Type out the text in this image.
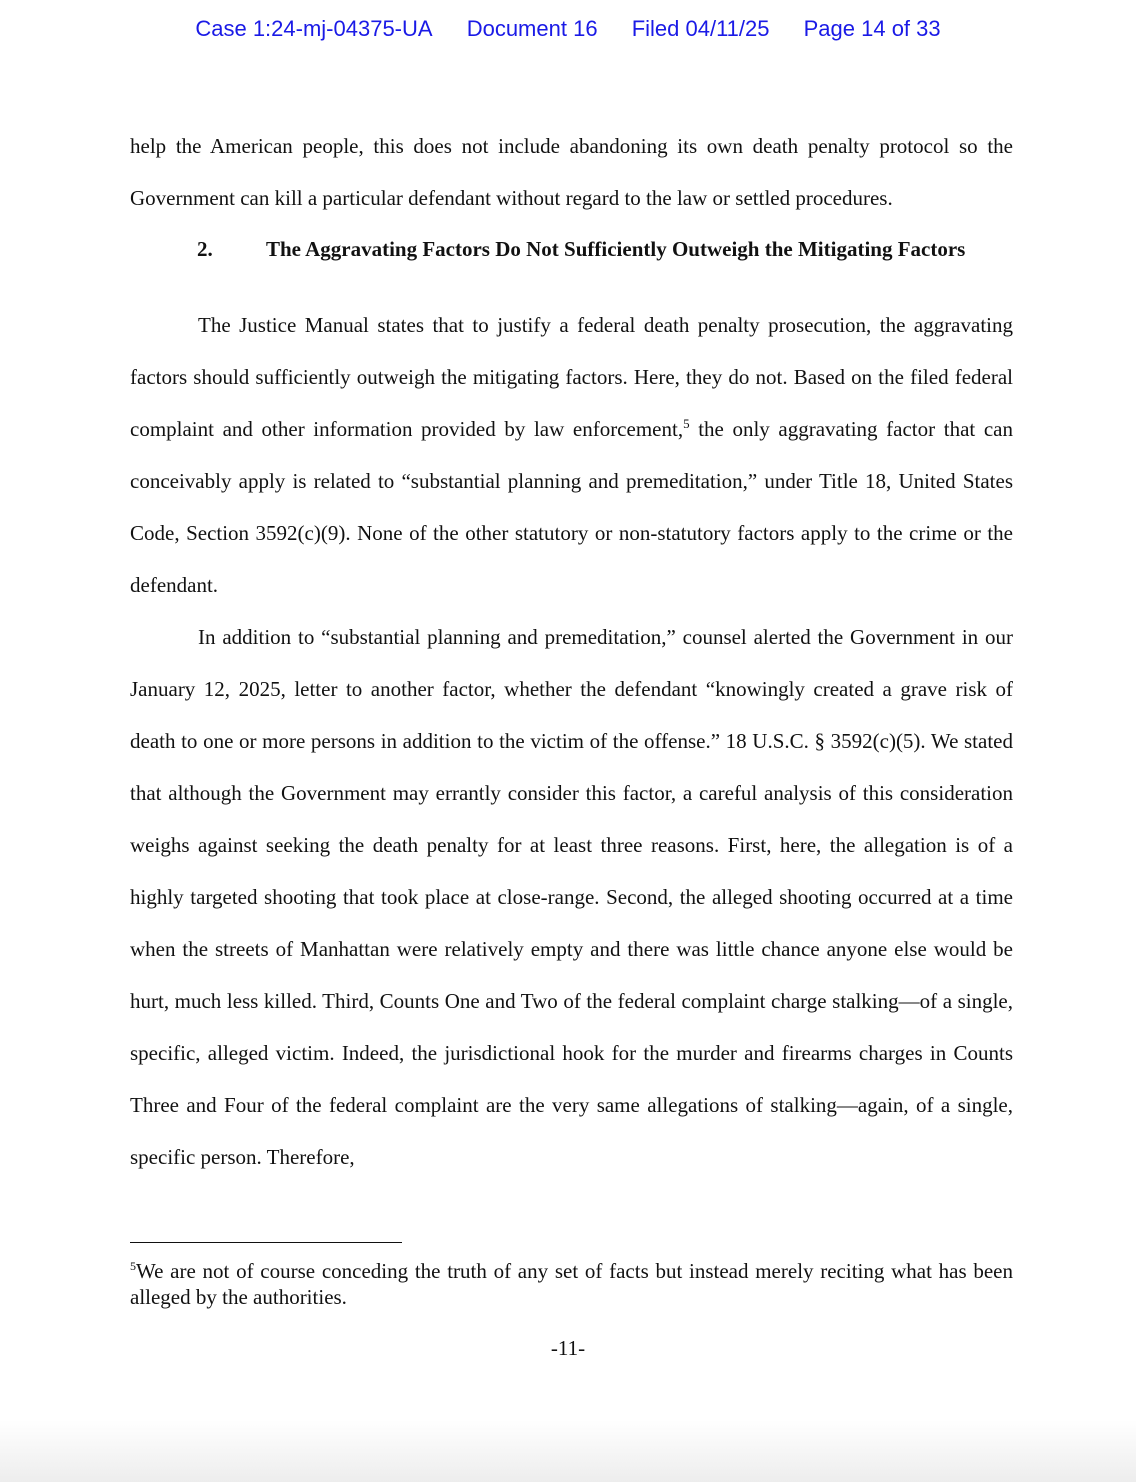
Case 1:24-mj-04375-UA Document 16 Filed 04/11/25 Page 14 of 33

help the American people, this does not include abandoning its own death penalty protocol so the Government can kill a particular defendant without regard to the law or settled procedures.

2.	The Aggravating Factors Do Not Sufficiently Outweigh the Mitigating Factors

The Justice Manual states that to justify a federal death penalty prosecution, the aggravating factors should sufficiently outweigh the mitigating factors. Here, they do not. Based on the filed federal complaint and other information provided by law enforcement,$^5$ the only aggravating factor that can conceivably apply is related to “substantial planning and premeditation,” under Title 18, United States Code, Section 3592(c)(9). None of the other statutory or non-statutory factors apply to the crime or the defendant.

In addition to “substantial planning and premeditation,” counsel alerted the Government in our January 12, 2025, letter to another factor, whether the defendant “knowingly created a grave risk of death to one or more persons in addition to the victim of the offense.” 18 U.S.C. § 3592(c)(5). We stated that although the Government may errantly consider this factor, a careful analysis of this consideration weighs against seeking the death penalty for at least three reasons. First, here, the allegation is of a highly targeted shooting that took place at close-range. Second, the alleged shooting occurred at a time when the streets of Manhattan were relatively empty and there was little chance anyone else would be hurt, much less killed. Third, Counts One and Two of the federal complaint charge stalking—of a single, specific, alleged victim. Indeed, the jurisdictional hook for the murder and firearms charges in Counts Three and Four of the federal complaint are the very same allegations of stalking—again, of a single, specific person. Therefore,

$^5$We are not of course conceding the truth of any set of facts but instead merely reciting what has been alleged by the authorities.
-11-
